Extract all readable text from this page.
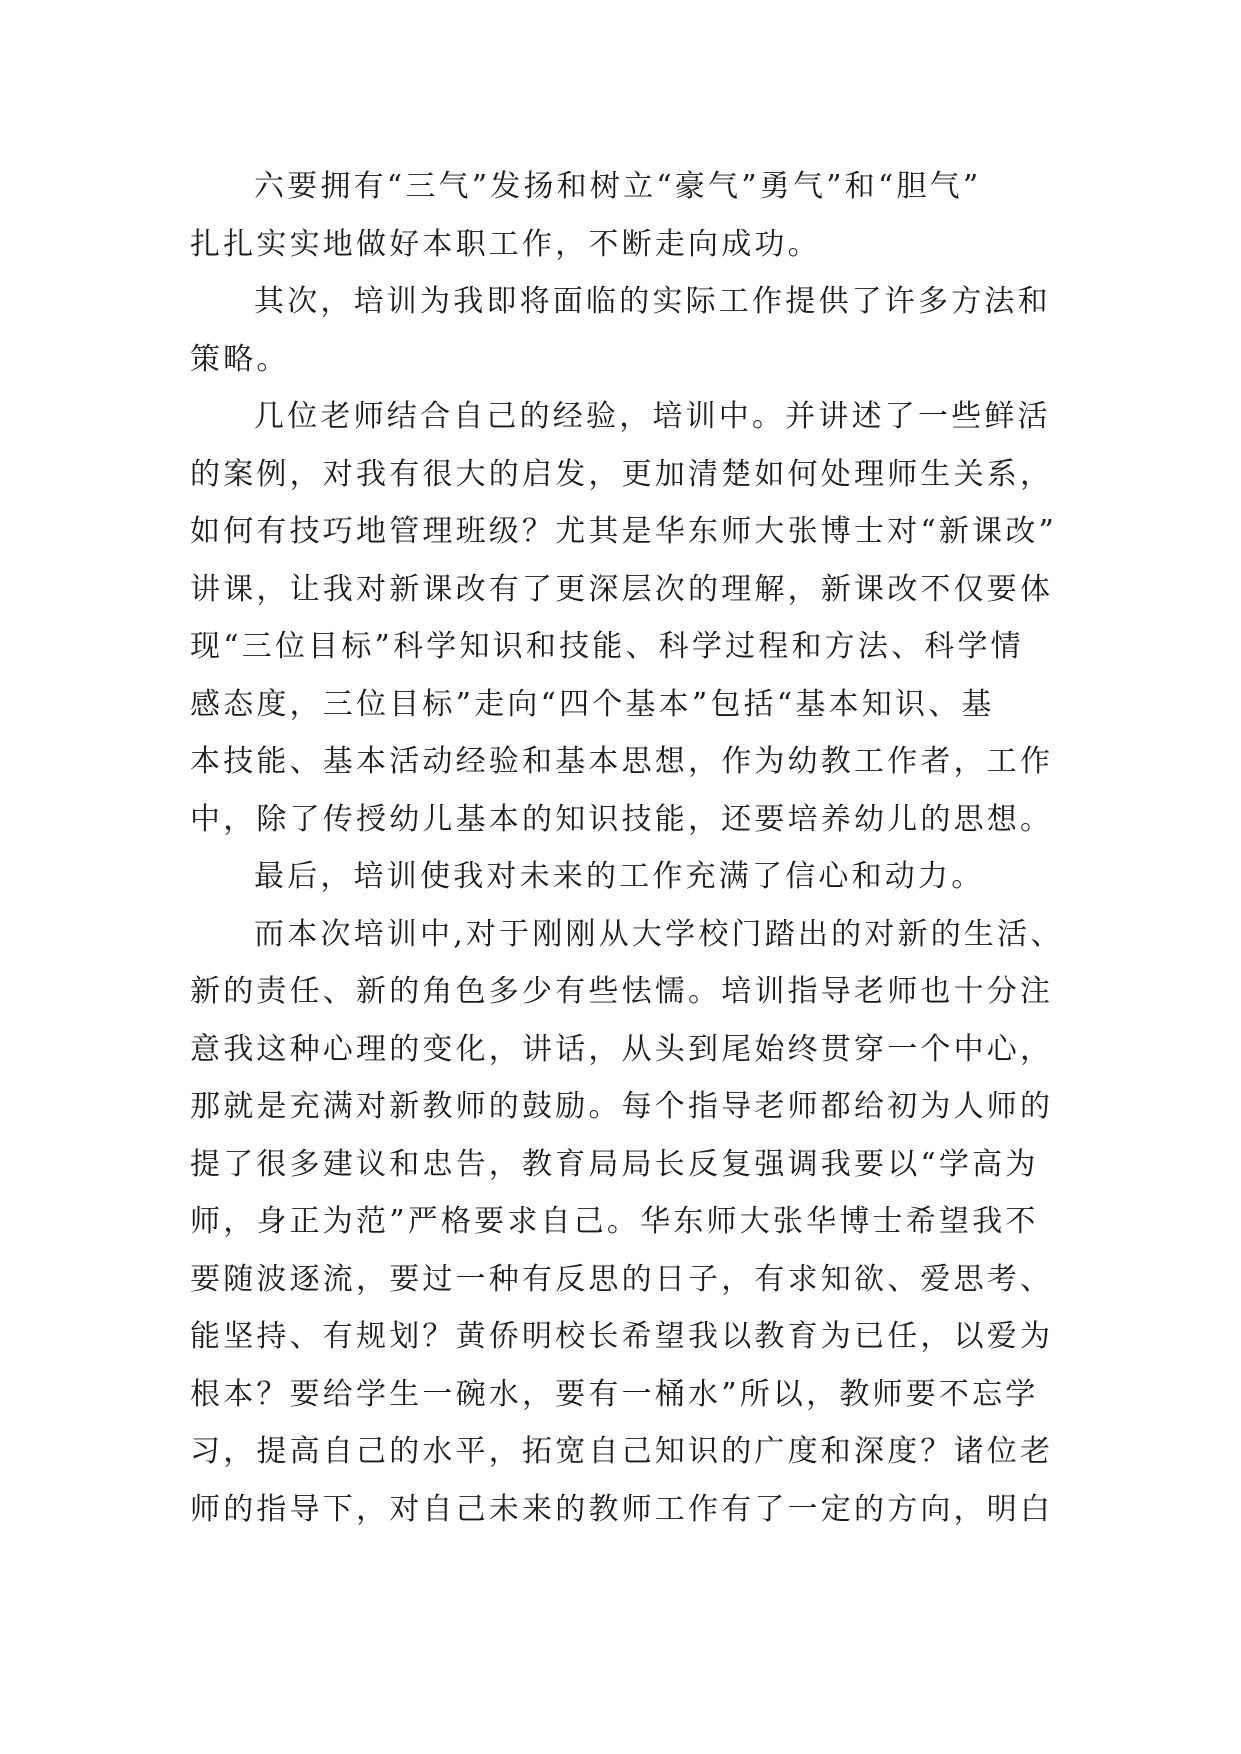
六要拥有“三气”发扬和树立“豪气”勇气”和“胆气”
扎扎实实地做好本职工作，不断走向成功。
其次，培训为我即将面临的实际工作提供了许多方法和
策略。
几位老师结合自己的经验，培训中。并讲述了一些鲜活
的案例，对我有很大的启发，更加清楚如何处理师生关系，
如何有技巧地管理班级？尤其是华东师大张博士对“新课改”
讲课，让我对新课改有了更深层次的理解，新课改不仅要体
现“三位目标”科学知识和技能、科学过程和方法、科学情
感态度，三位目标”走向“四个基本”包括“基本知识、基
本技能、基本活动经验和基本思想，作为幼教工作者，工作
中，除了传授幼儿基本的知识技能，还要培养幼儿的思想。
最后，培训使我对未来的工作充满了信心和动力。
而本次培训中,对于刚刚从大学校门踏出的对新的生活、
新的责任、新的角色多少有些怯懦。培训指导老师也十分注
意我这种心理的变化，讲话，从头到尾始终贯穿一个中心，
那就是充满对新教师的鼓励。每个指导老师都给初为人师的
提了很多建议和忠告，教育局局长反复强调我要以“学高为
师，身正为范”严格要求自己。华东师大张华博士希望我不
要随波逐流，要过一种有反思的日子，有求知欲、爱思考、
能坚持、有规划？黄侨明校长希望我以教育为已任，以爱为
根本？要给学生一碗水，要有一桶水”所以，教师要不忘学
习，提高自己的水平，拓宽自己知识的广度和深度？诸位老
师的指导下，对自己未来的教师工作有了一定的方向，明白
